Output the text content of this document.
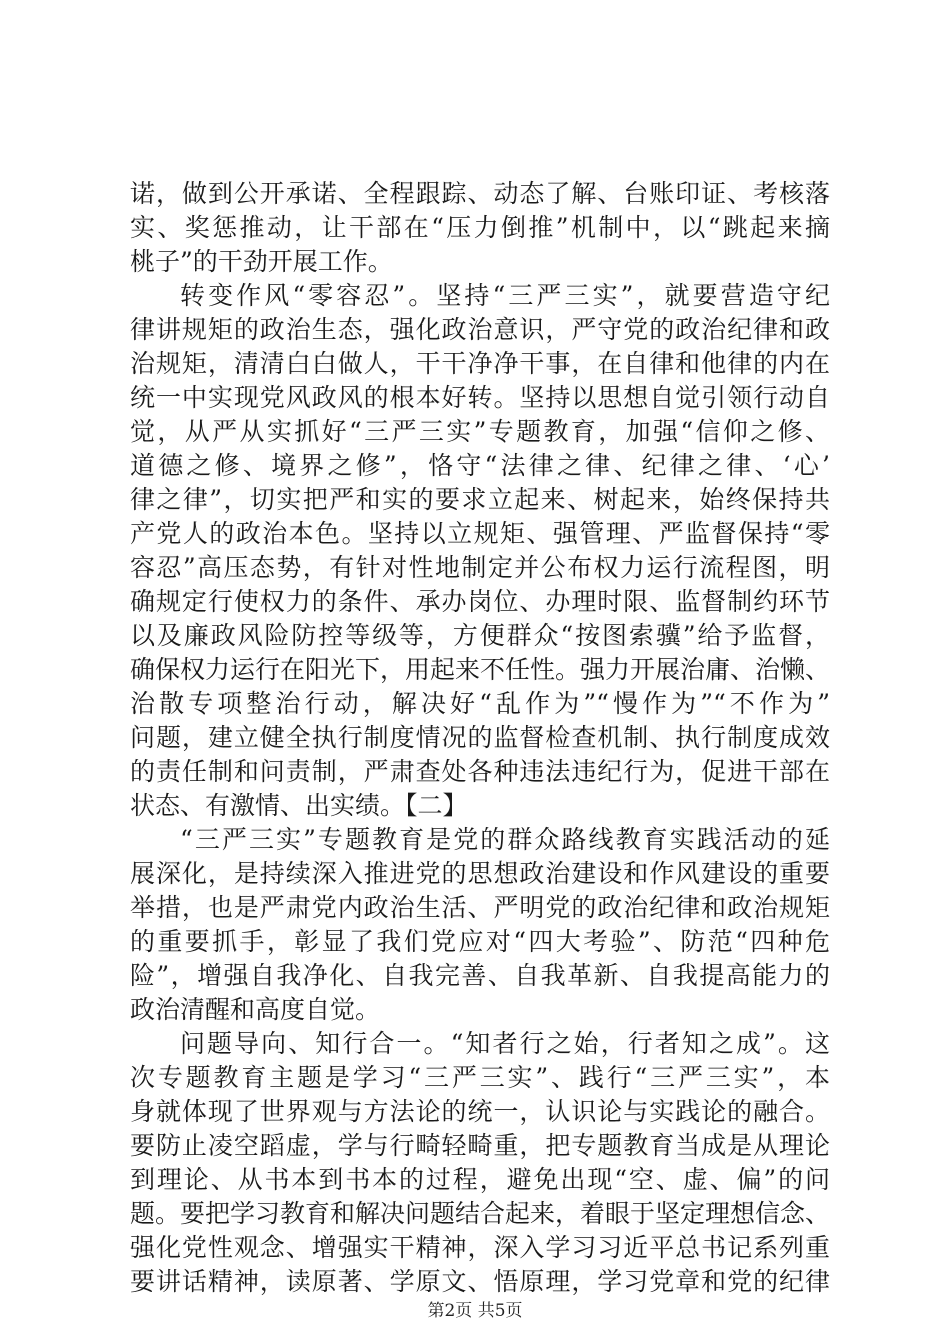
诺，做到公开承诺、全程跟踪、动态了解、台账印证、考核落
实、奖惩推动，让干部在“压力倒推”机制中，以“跳起来摘
桃子”的干劲开展工作。
转变作风“零容忍”。坚持“三严三实”，就要营造守纪
律讲规矩的政治生态，强化政治意识，严守党的政治纪律和政
治规矩，清清白白做人，干干净净干事，在自律和他律的内在
统一中实现党风政风的根本好转。坚持以思想自觉引领行动自
觉，从严从实抓好“三严三实”专题教育，加强“信仰之修、
道德之修、境界之修”，恪守“法律之律、纪律之律、‘心’
律之律”，切实把严和实的要求立起来、树起来，始终保持共
产党人的政治本色。坚持以立规矩、强管理、严监督保持“零
容忍”高压态势，有针对性地制定并公布权力运行流程图，明
确规定行使权力的条件、承办岗位、办理时限、监督制约环节
以及廉政风险防控等级等，方便群众“按图索骥”给予监督，
确保权力运行在阳光下，用起来不任性。强力开展治庸、治懒、
治散专项整治行动，解决好“乱作为”“慢作为”“不作为”
问题，建立健全执行制度情况的监督检查机制、执行制度成效
的责任制和问责制，严肃查处各种违法违纪行为，促进干部在
状态、有激情、出实绩。【二】
“三严三实”专题教育是党的群众路线教育实践活动的延
展深化，是持续深入推进党的思想政治建设和作风建设的重要
举措，也是严肃党内政治生活、严明党的政治纪律和政治规矩
的重要抓手，彰显了我们党应对“四大考验”、防范“四种危
险”，增强自我净化、自我完善、自我革新、自我提高能力的
政治清醒和高度自觉。
问题导向、知行合一。“知者行之始，行者知之成”。这
次专题教育主题是学习“三严三实”、践行“三严三实”，本
身就体现了世界观与方法论的统一，认识论与实践论的融合。
要防止凌空蹈虚，学与行畸轻畸重，把专题教育当成是从理论
到理论、从书本到书本的过程，避免出现“空、虚、偏”的问
题。要把学习教育和解决问题结合起来，着眼于坚定理想信念、
强化党性观念、增强实干精神，深入学习习近平总书记系列重
要讲话精神，读原著、学原文、悟原理，学习党章和党的纪律
第2页 共5页
